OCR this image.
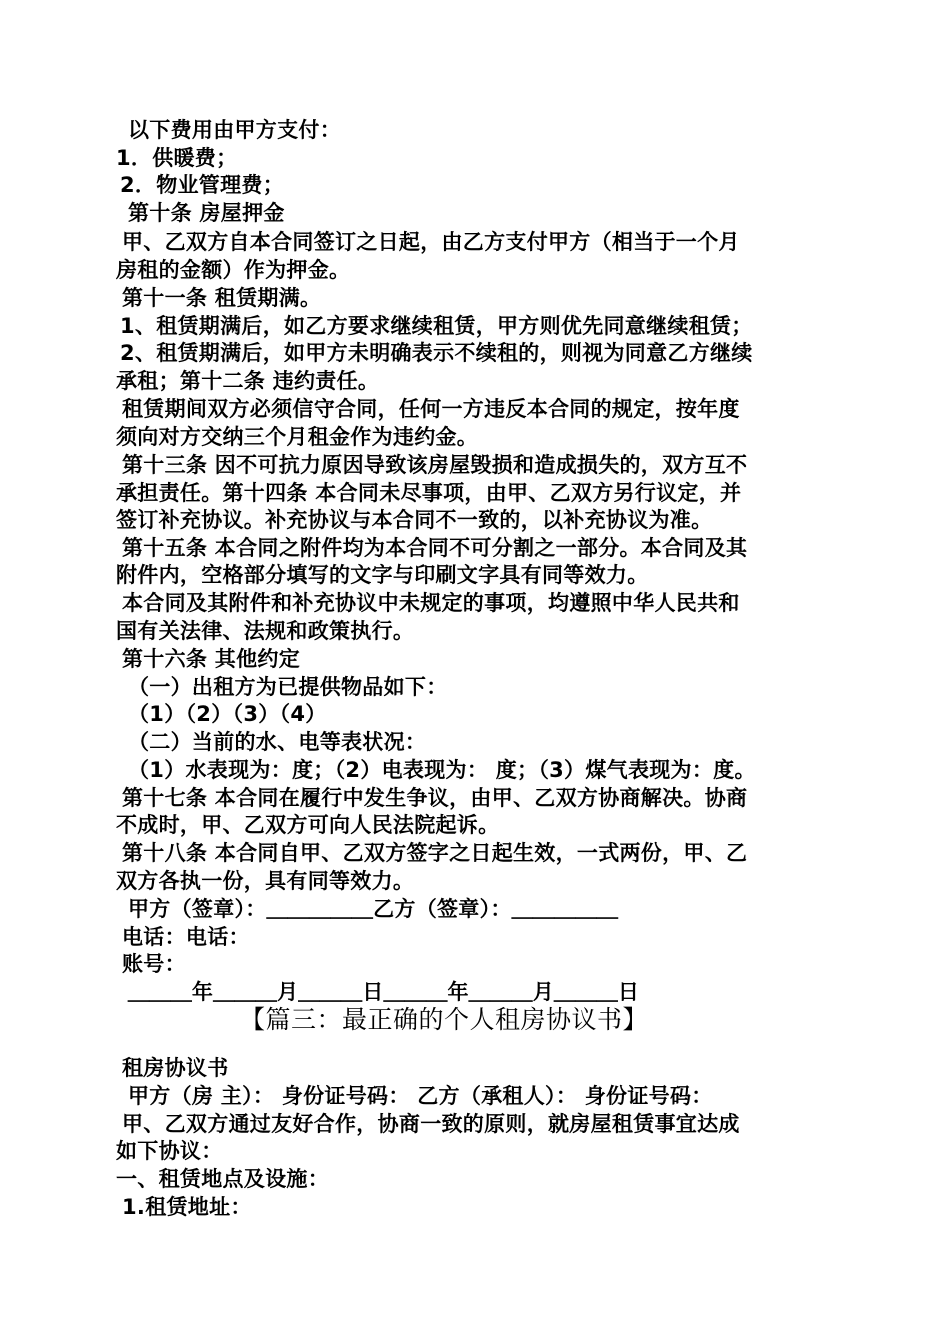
以下费用由甲方支付：
1．供暖费；
2．物业管理费；
第十条 房屋押金
甲、乙双方自本合同签订之日起，由乙方支付甲方（相当于一个月
房租的金额）作为押金。
第十一条 租赁期满。
1、租赁期满后，如乙方要求继续租赁，甲方则优先同意继续租赁；
2、租赁期满后，如甲方未明确表示不续租的，则视为同意乙方继续
承租；第十二条 违约责任。
租赁期间双方必须信守合同，任何一方违反本合同的规定，按年度
须向对方交纳三个月租金作为违约金。
第十三条 因不可抗力原因导致该房屋毁损和造成损失的，双方互不
承担责任。第十四条 本合同未尽事项，由甲、乙双方另行议定，并
签订补充协议。补充协议与本合同不一致的，以补充协议为准。
第十五条 本合同之附件均为本合同不可分割之一部分。本合同及其
附件内，空格部分填写的文字与印刷文字具有同等效力。
本合同及其附件和补充协议中未规定的事项，均遵照中华人民共和
国有关法律、法规和政策执行。
第十六条 其他约定
（一）出租方为已提供物品如下：
（1）（2）（3）（4）
（二）当前的水、电等表状况：
（1）水表现为：度；（2）电表现为： 度；（3）煤气表现为：度。
第十七条 本合同在履行中发生争议，由甲、乙双方协商解决。协商
不成时，甲、乙双方可向人民法院起诉。
第十八条 本合同自甲、乙双方签字之日起生效，一式两份，甲、乙
双方各执一份，具有同等效力。
甲方（签章）：＿＿＿＿＿乙方（签章）：＿＿＿＿＿
电话：电话：
账号：
＿＿＿年＿＿＿月＿＿＿日＿＿＿年＿＿＿月＿＿＿日
【篇三：最正确的个人租房协议书】
租房协议书
甲方（房 主）： 身份证号码： 乙方（承租人）： 身份证号码：
甲、乙双方通过友好合作，协商一致的原则，就房屋租赁事宜达成
如下协议：
一、租赁地点及设施：
1.租赁地址：
